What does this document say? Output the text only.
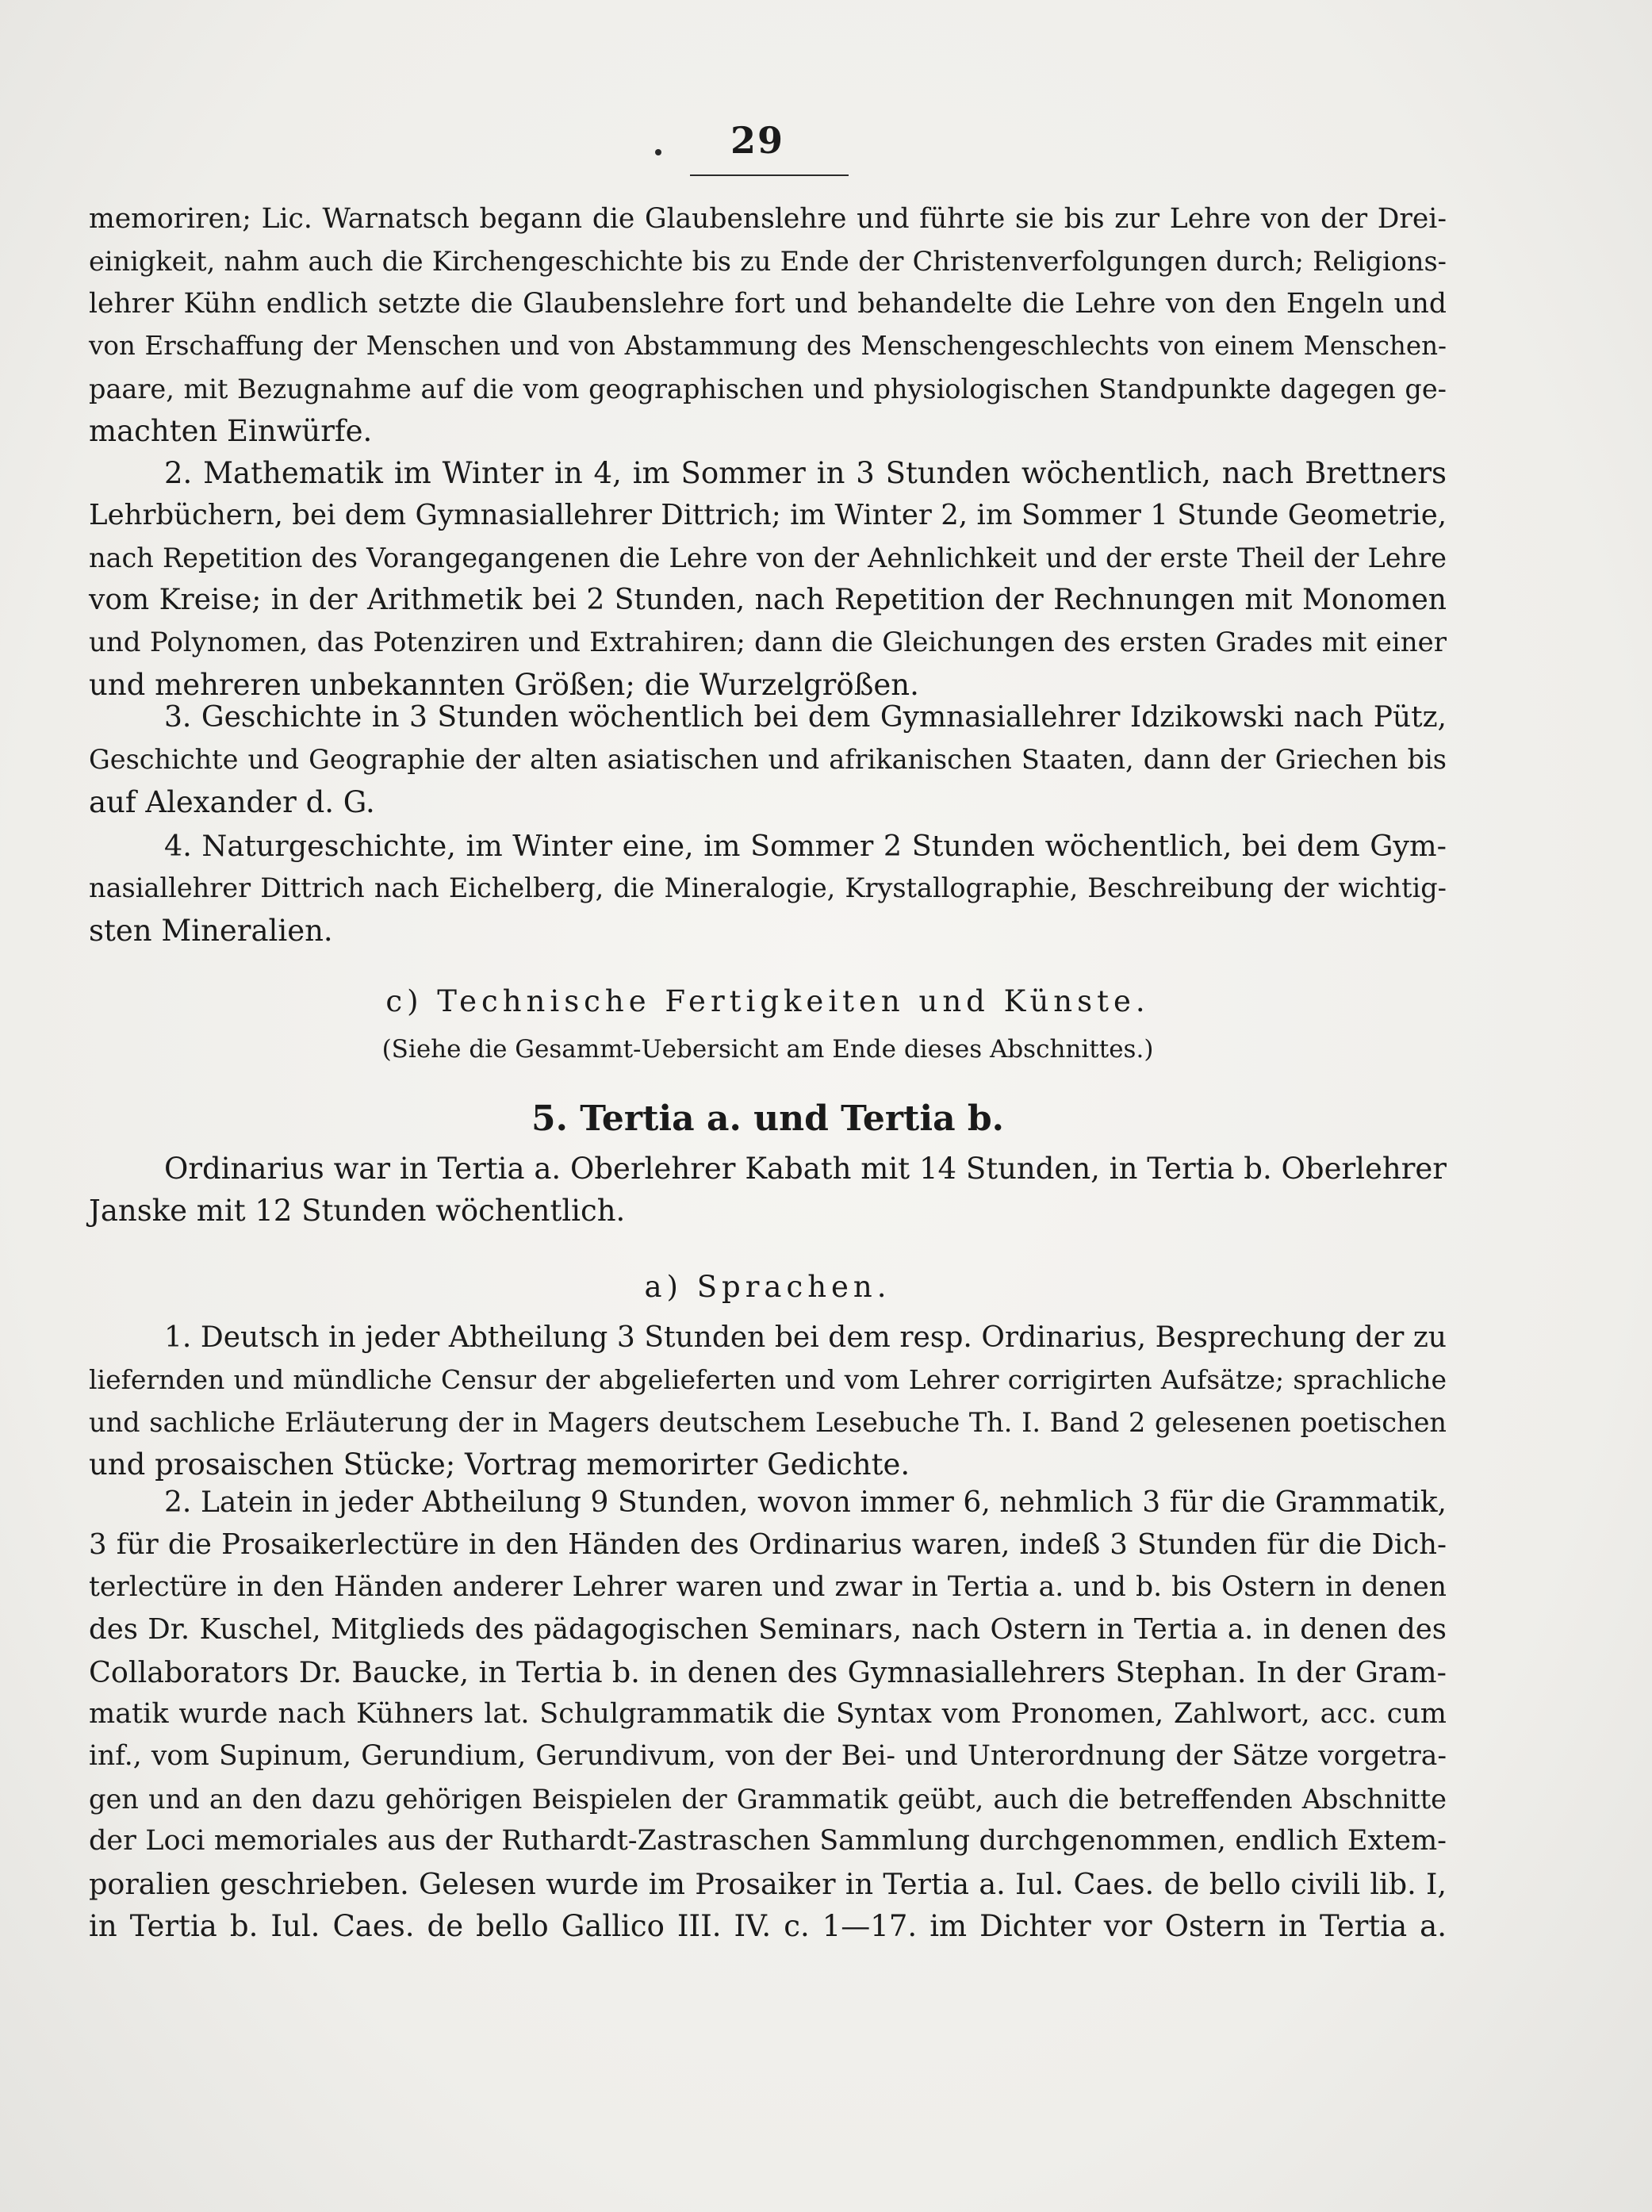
29
memoriren; Lic. Warnatsch begann die Glaubenslehre und führte sie bis zur Lehre von der Drei-
einigkeit, nahm auch die Kirchengeschichte bis zu Ende der Christenverfolgungen durch; Religions-
lehrer Kühn endlich setzte die Glaubenslehre fort und behandelte die Lehre von den Engeln und
von Erschaffung der Menschen und von Abstammung des Menschengeschlechts von einem Menschen-
paare, mit Bezugnahme auf die vom geographischen und physiologischen Standpunkte dagegen ge-
machten Einwürfe.
2. Mathematik im Winter in 4, im Sommer in 3 Stunden wöchentlich, nach Brettners
Lehrbüchern, bei dem Gymnasiallehrer Dittrich; im Winter 2, im Sommer 1 Stunde Geometrie,
nach Repetition des Vorangegangenen die Lehre von der Aehnlichkeit und der erste Theil der Lehre
vom Kreise; in der Arithmetik bei 2 Stunden, nach Repetition der Rechnungen mit Monomen
und Polynomen, das Potenziren und Extrahiren; dann die Gleichungen des ersten Grades mit einer
und mehreren unbekannten Größen; die Wurzelgrößen.
3. Geschichte in 3 Stunden wöchentlich bei dem Gymnasiallehrer Idzikowski nach Pütz,
Geschichte und Geographie der alten asiatischen und afrikanischen Staaten, dann der Griechen bis
auf Alexander d. G.
4. Naturgeschichte, im Winter eine, im Sommer 2 Stunden wöchentlich, bei dem Gym-
nasiallehrer Dittrich nach Eichelberg, die Mineralogie, Krystallographie, Beschreibung der wichtig-
sten Mineralien.
c) Technische Fertigkeiten und Künste.
(Siehe die Gesammt-Uebersicht am Ende dieses Abschnittes.)
5. Tertia a. und Tertia b.
Ordinarius war in Tertia a. Oberlehrer Kabath mit 14 Stunden, in Tertia b. Oberlehrer
Janske mit 12 Stunden wöchentlich.
a) Sprachen.
1. Deutsch in jeder Abtheilung 3 Stunden bei dem resp. Ordinarius, Besprechung der zu
liefernden und mündliche Censur der abgelieferten und vom Lehrer corrigirten Aufsätze; sprachliche
und sachliche Erläuterung der in Magers deutschem Lesebuche Th. I. Band 2 gelesenen poetischen
und prosaischen Stücke; Vortrag memorirter Gedichte.
2. Latein in jeder Abtheilung 9 Stunden, wovon immer 6, nehmlich 3 für die Grammatik,
3 für die Prosaikerlectüre in den Händen des Ordinarius waren, indeß 3 Stunden für die Dich-
terlectüre in den Händen anderer Lehrer waren und zwar in Tertia a. und b. bis Ostern in denen
des Dr. Kuschel, Mitglieds des pädagogischen Seminars, nach Ostern in Tertia a. in denen des
Collaborators Dr. Baucke, in Tertia b. in denen des Gymnasiallehrers Stephan. In der Gram-
matik wurde nach Kühners lat. Schulgrammatik die Syntax vom Pronomen, Zahlwort, acc. cum
inf., vom Supinum, Gerundium, Gerundivum, von der Bei- und Unterordnung der Sätze vorgetra-
gen und an den dazu gehörigen Beispielen der Grammatik geübt, auch die betreffenden Abschnitte
der Loci memoriales aus der Ruthardt-Zastraschen Sammlung durchgenommen, endlich Extem-
poralien geschrieben. Gelesen wurde im Prosaiker in Tertia a. Iul. Caes. de bello civili lib. I,
in Tertia b. Iul. Caes. de bello Gallico III. IV. c. 1—17. im Dichter vor Ostern in Tertia a.
